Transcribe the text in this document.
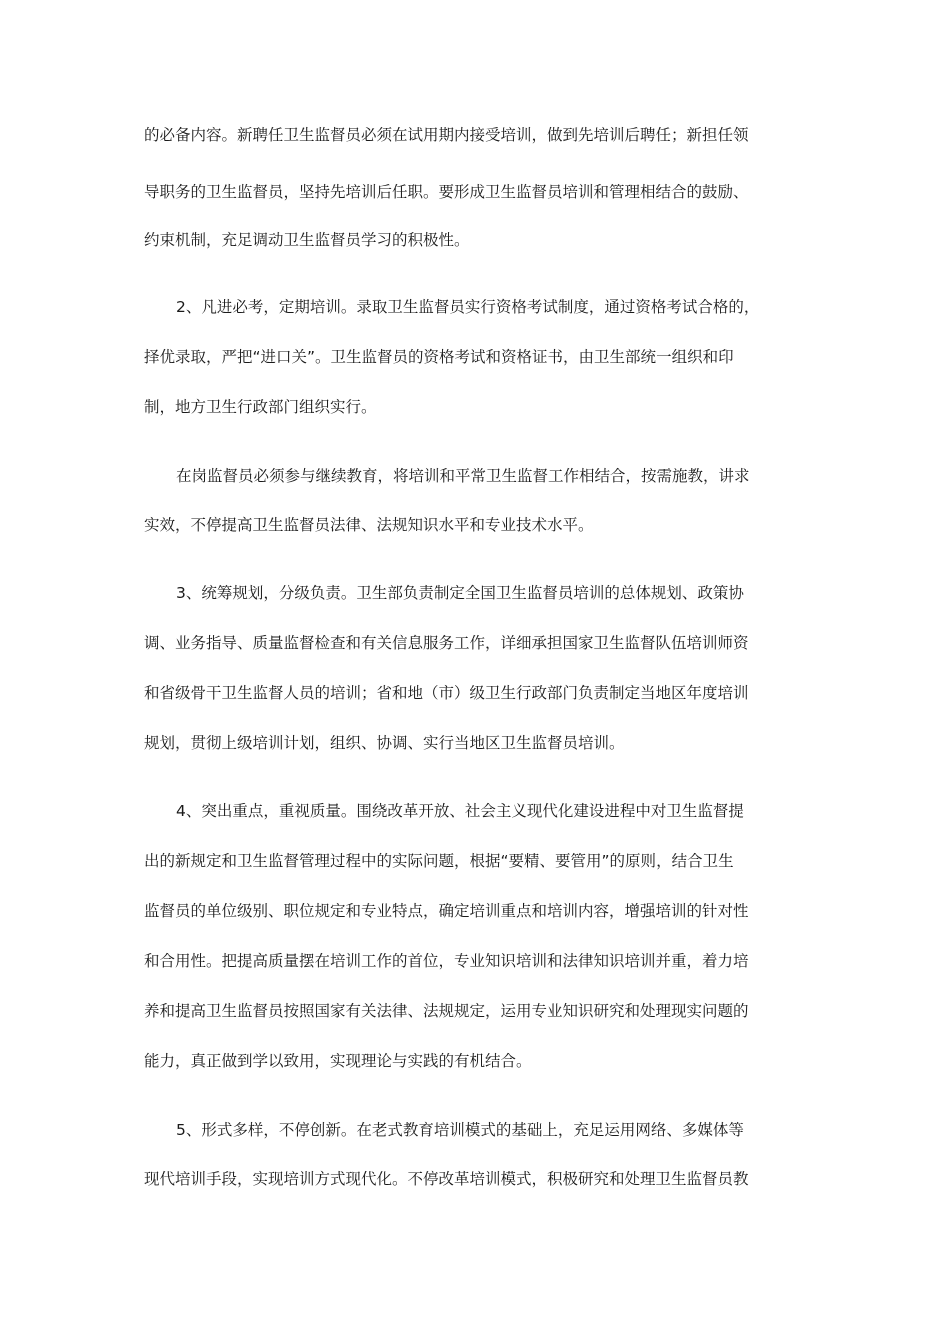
的必备内容。新聘任卫生监督员必须在试用期内接受培训，做到先培训后聘任；新担任领
导职务的卫生监督员，坚持先培训后任职。要形成卫生监督员培训和管理相结合的鼓励、
约束机制，充足调动卫生监督员学习的积极性。
2、凡进必考，定期培训。录取卫生监督员实行资格考试制度，通过资格考试合格的，
择优录取，严把“进口关”。卫生监督员的资格考试和资格证书，由卫生部统一组织和印
制，地方卫生行政部门组织实行。
在岗监督员必须参与继续教育，将培训和平常卫生监督工作相结合，按需施教，讲求
实效，不停提高卫生监督员法律、法规知识水平和专业技术水平。
3、统筹规划，分级负责。卫生部负责制定全国卫生监督员培训的总体规划、政策协
调、业务指导、质量监督检查和有关信息服务工作，详细承担国家卫生监督队伍培训师资
和省级骨干卫生监督人员的培训；省和地（市）级卫生行政部门负责制定当地区年度培训
规划，贯彻上级培训计划，组织、协调、实行当地区卫生监督员培训。
4、突出重点，重视质量。围绕改革开放、社会主义现代化建设进程中对卫生监督提
出的新规定和卫生监督管理过程中的实际问题，根据“要精、要管用”的原则，结合卫生
监督员的单位级别、职位规定和专业特点，确定培训重点和培训内容，增强培训的针对性
和合用性。把提高质量摆在培训工作的首位，专业知识培训和法律知识培训并重，着力培
养和提高卫生监督员按照国家有关法律、法规规定，运用专业知识研究和处理现实问题的
能力，真正做到学以致用，实现理论与实践的有机结合。
5、形式多样，不停创新。在老式教育培训模式的基础上，充足运用网络、多媒体等
现代培训手段，实现培训方式现代化。不停改革培训模式，积极研究和处理卫生监督员教
